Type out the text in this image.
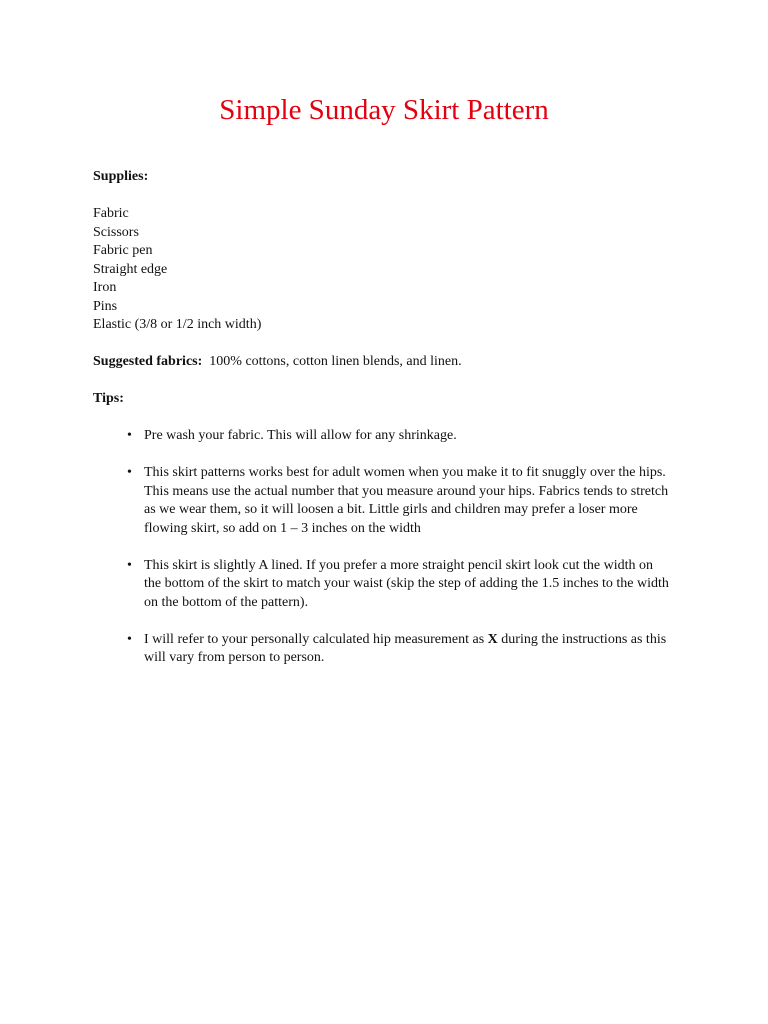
Simple Sunday Skirt Pattern
Supplies:
Fabric
Scissors
Fabric pen
Straight edge
Iron
Pins
Elastic (3/8 or 1/2 inch width)
Suggested fabrics: 100% cottons, cotton linen blends, and linen.
Tips:
• Pre wash your fabric. This will allow for any shrinkage.
• This skirt patterns works best for adult women when you make it to fit snuggly over the hips. This means use the actual number that you measure around your hips. Fabrics tends to stretch as we wear them, so it will loosen a bit. Little girls and children may prefer a loser more flowing skirt, so add on 1 – 3 inches on the width
• This skirt is slightly A lined. If you prefer a more straight pencil skirt look cut the width on the bottom of the skirt to match your waist (skip the step of adding the 1.5 inches to the width on the bottom of the pattern).
• I will refer to your personally calculated hip measurement as X during the instructions as this will vary from person to person.
